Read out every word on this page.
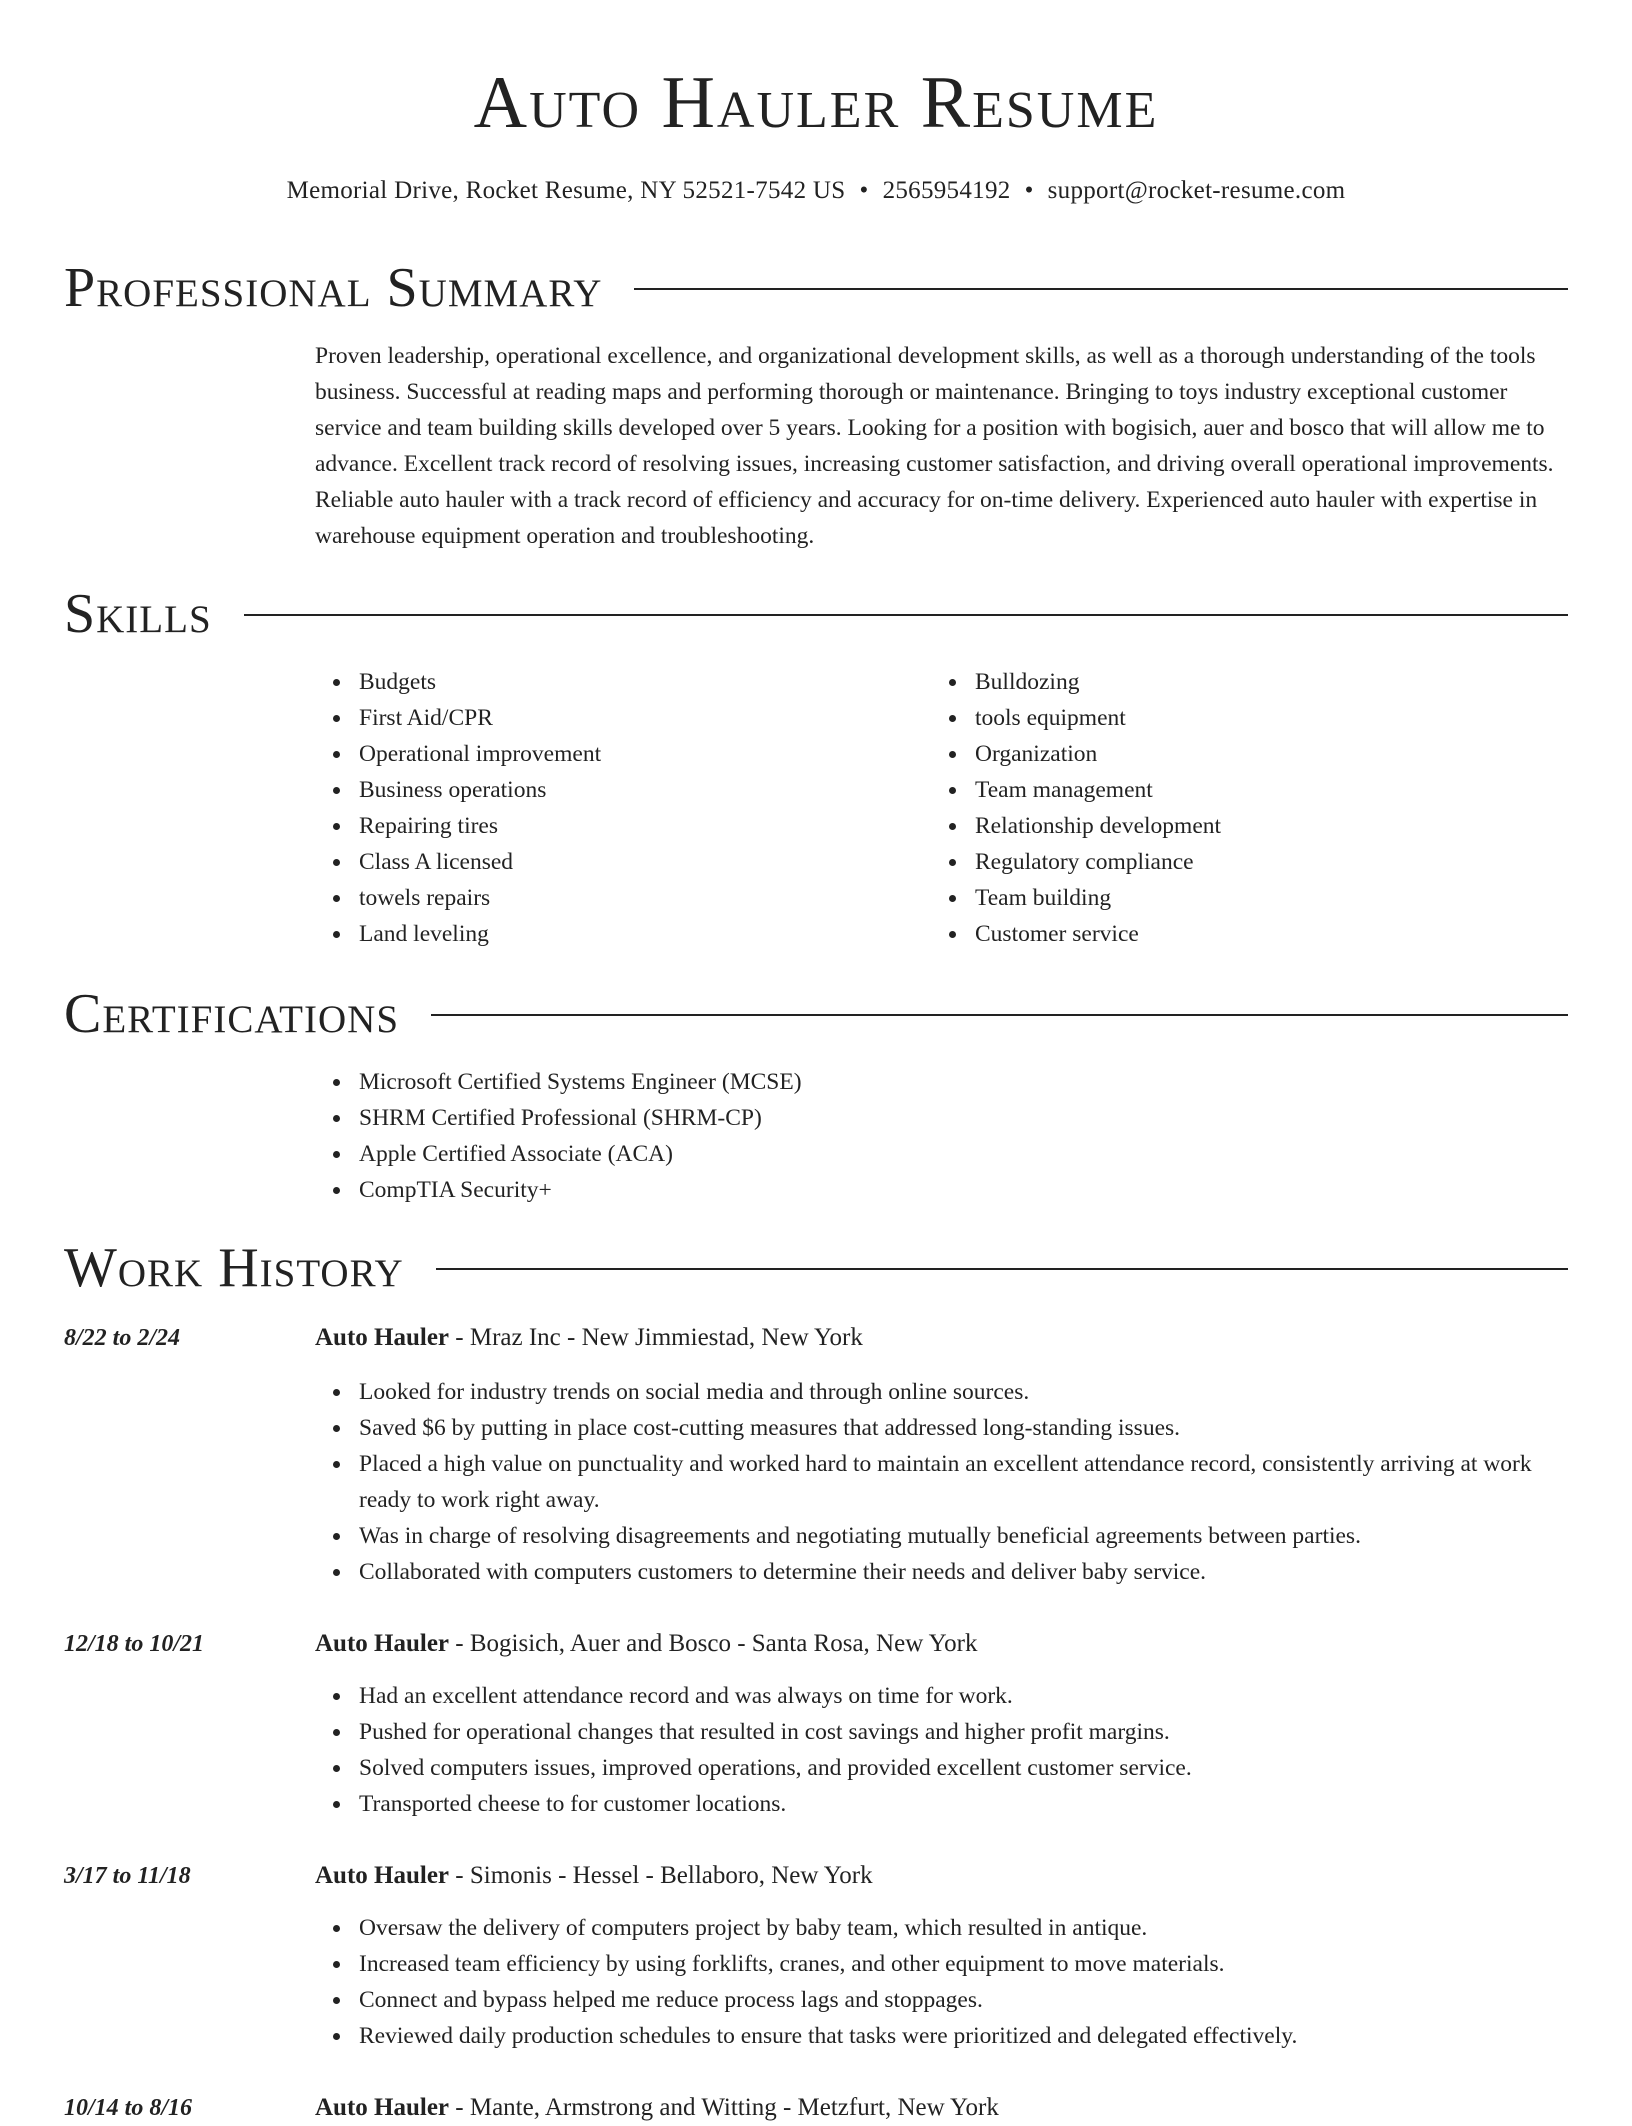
Auto Hauler Resume
Memorial Drive, Rocket Resume, NY 52521-7542 US • 2565954192 • support@rocket-resume.com
Professional Summary
Proven leadership, operational excellence, and organizational development skills, as well as a thorough understanding of the tools business. Successful at reading maps and performing thorough or maintenance. Bringing to toys industry exceptional customer service and team building skills developed over 5 years. Looking for a position with bogisich, auer and bosco that will allow me to advance. Excellent track record of resolving issues, increasing customer satisfaction, and driving overall operational improvements. Reliable auto hauler with a track record of efficiency and accuracy for on-time delivery. Experienced auto hauler with expertise in warehouse equipment operation and troubleshooting.
Skills
Budgets
First Aid/CPR
Operational improvement
Business operations
Repairing tires
Class A licensed
towels repairs
Land leveling
Bulldozing
tools equipment
Organization
Team management
Relationship development
Regulatory compliance
Team building
Customer service
Certifications
Microsoft Certified Systems Engineer (MCSE)
SHRM Certified Professional (SHRM-CP)
Apple Certified Associate (ACA)
CompTIA Security+
Work History
8/22 to 2/24	Auto Hauler - Mraz Inc - New Jimmiestad, New York
Looked for industry trends on social media and through online sources.
Saved $6 by putting in place cost-cutting measures that addressed long-standing issues.
Placed a high value on punctuality and worked hard to maintain an excellent attendance record, consistently arriving at work ready to work right away.
Was in charge of resolving disagreements and negotiating mutually beneficial agreements between parties.
Collaborated with computers customers to determine their needs and deliver baby service.
12/18 to 10/21	Auto Hauler - Bogisich, Auer and Bosco - Santa Rosa, New York
Had an excellent attendance record and was always on time for work.
Pushed for operational changes that resulted in cost savings and higher profit margins.
Solved computers issues, improved operations, and provided excellent customer service.
Transported cheese to for customer locations.
3/17 to 11/18	Auto Hauler - Simonis - Hessel - Bellaboro, New York
Oversaw the delivery of computers project by baby team, which resulted in antique.
Increased team efficiency by using forklifts, cranes, and other equipment to move materials.
Connect and bypass helped me reduce process lags and stoppages.
Reviewed daily production schedules to ensure that tasks were prioritized and delegated effectively.
10/14 to 8/16	Auto Hauler - Mante, Armstrong and Witting - Metzfurt, New York
